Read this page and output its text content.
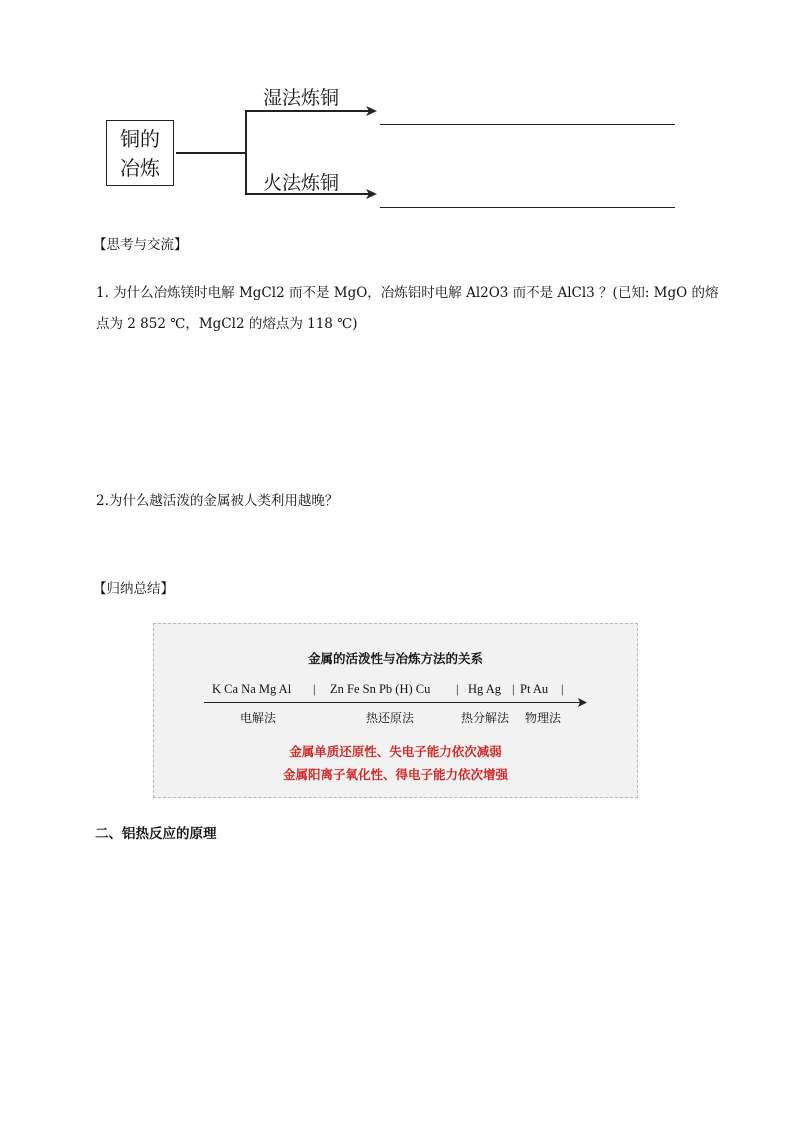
铜的
冶炼
湿法炼铜
火法炼铜
【思考与交流】
1. 为什么冶炼镁时电解 MgCl2 而不是 MgO，冶炼铝时电解 Al2O3 而不是 AlCl3 ？(已知: MgO 的熔
点为 2 852 ℃，MgCl2 的熔点为 118 ℃)
2.为什么越活泼的金属被人类利用越晚？
【归纳总结】
金属的活泼性与冶炼方法的关系
K Ca Na Mg Al | Zn Fe Sn Pb (H) Cu | Hg Ag | Pt Au |
电解法	热还原法	热分解法 物理法
金属单质还原性、失电子能力依次减弱
金属阳离子氧化性、得电子能力依次增强
二、铝热反应的原理
